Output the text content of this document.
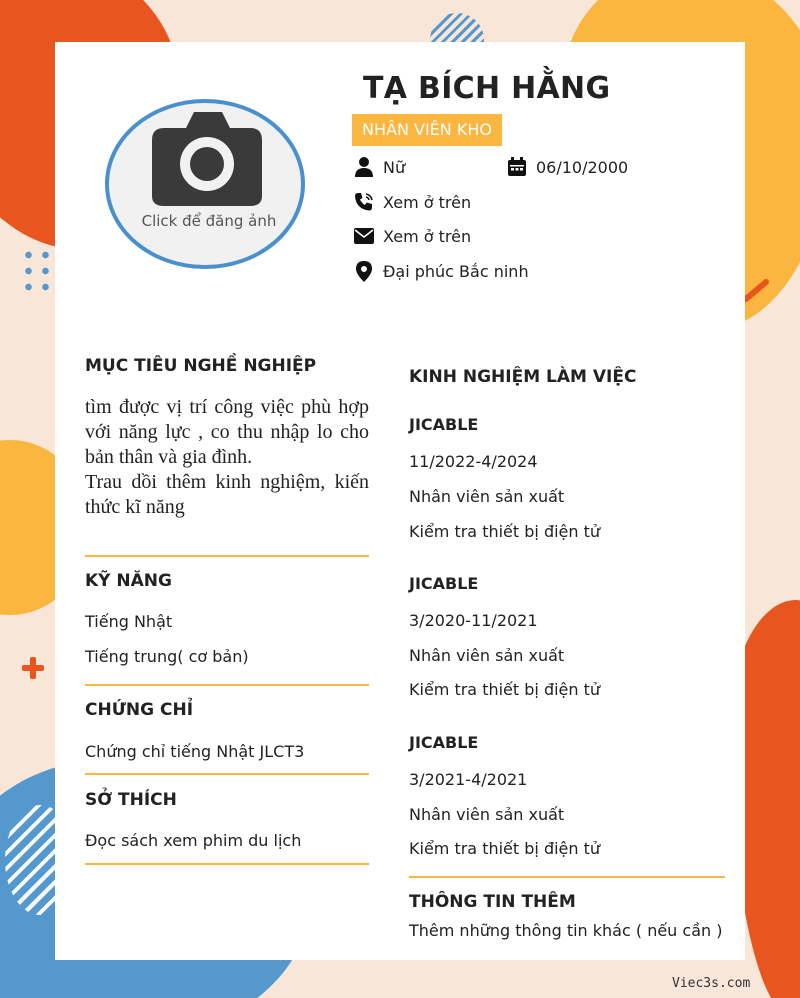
Click để đăng ảnh
TẠ BÍCH HẰNG
NHÂN VIÊN KHO
Nữ	06/10/2000
Xem ở trên
Xem ở trên
Đại phúc Bắc ninh
MỤC TIÊU NGHỀ NGHIỆP
tìm được vị trí công việc phù hợp với năng lực , co thu nhập lo cho bản thân và gia đình.
Trau dồi thêm kinh nghiệm, kiến thức kĩ năng
KỸ NĂNG
Tiếng Nhật
Tiếng trung( cơ bản)
CHỨNG CHỈ
Chứng chỉ tiếng Nhật JLCT3
SỞ THÍCH
Đọc sách xem phim du lịch
KINH NGHIỆM LÀM VIỆC
JICABLE
11/2022-4/2024
Nhân viên sản xuất
Kiểm tra thiết bị điện tử
JICABLE
3/2020-11/2021
Nhân viên sản xuất
Kiểm tra thiết bị điện tử
JICABLE
3/2021-4/2021
Nhân viên sản xuất
Kiểm tra thiết bị điện tử
THÔNG TIN THÊM
Thêm những thông tin khác ( nếu cần )
Viec3s.com
